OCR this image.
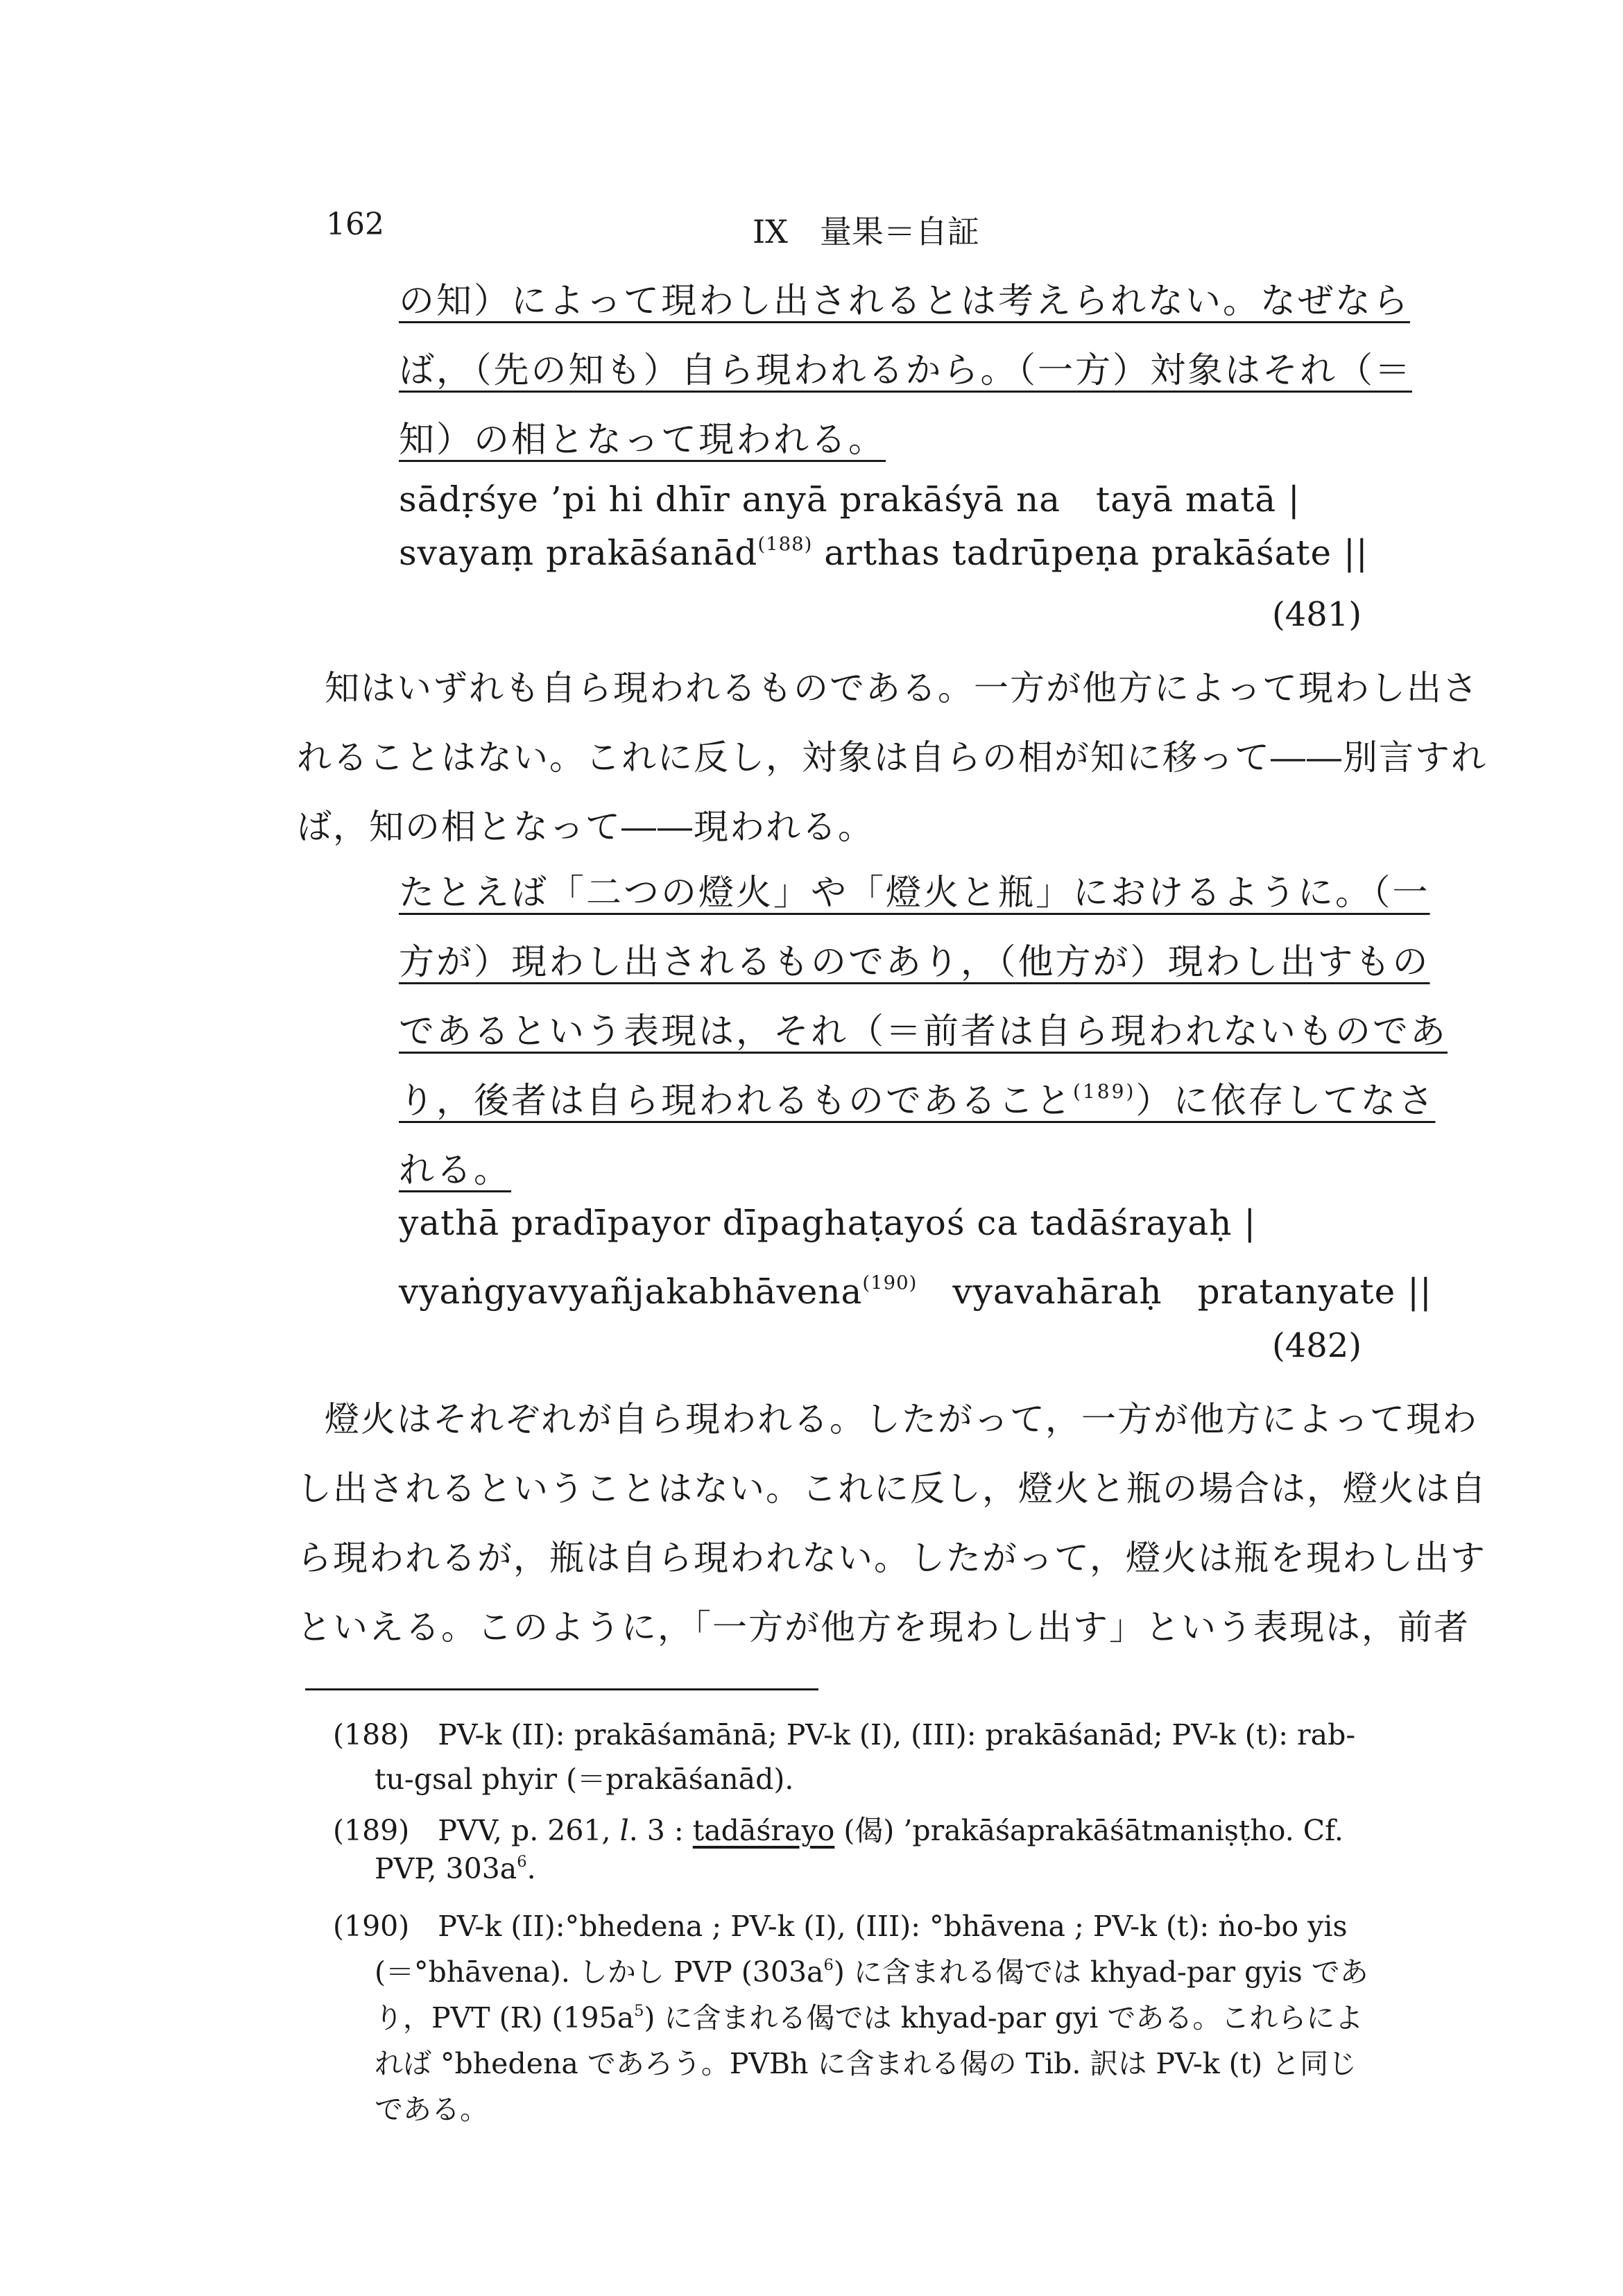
162	IX　量果＝自証
の知）によって現わし出されるとは考えられない。なぜなら
ば，（先の知も）自ら現われるから。（一方）対象はそれ（＝
知）の相となって現われる。
sādṛśye ’pi hi dhīr anyā prakāśyā na　tayā matā |
svayaṃ prakāśanād$^{(188)}$ arthas tadrūpeṇa prakāśate ||
(481)
知はいずれも自ら現われるものである。一方が他方によって現わし出さ
れることはない。これに反し，対象は自らの相が知に移って――別言すれ
ば，知の相となって――現われる。
たとえば「二つの燈火」や「燈火と瓶」におけるように。（一
方が）現わし出されるものであり，（他方が）現わし出すもの
であるという表現は，それ（＝前者は自ら現われないものであ
り，後者は自ら現われるものであること$^{(189)}$）に依存してなさ
れる。
yathā pradīpayor dīpaghaṭayoś ca tadāśrayaḥ |
vyaṅgyavyañjakabhāvena$^{(190)}$　vyavahāraḥ　pratanyate ||
(482)
燈火はそれぞれが自ら現われる。したがって，一方が他方によって現わ
し出されるということはない。これに反し，燈火と瓶の場合は，燈火は自
ら現われるが，瓶は自ら現われない。したがって，燈火は瓶を現わし出す
といえる。このように，「一方が他方を現わし出す」という表現は，前者
(188)　PV-k (II): prakāśamānā; PV-k (I), (III): prakāśanād; PV-k (t): rab-
tu-gsal phyir (＝prakāśanād).
(189)　PVV, p. 261, l. 3 : tadāśrayo (偈) ’prakāśaprakāśātmaniṣṭho. Cf.
PVP, $303a^6$.
(190)　PV-k (II):°bhedena ; PV-k (I), (III): °bhāvena ; PV-k (t): ṅo-bo yis
(＝°bhāvena). しかし PVP $(303a^6)$ に含まれる偈では khyad-par gyis であ
り，PVT (R) $(195a^5)$ に含まれる偈では khyad-par gyi である。これらによ
れば °bhedena であろう。PVBh に含まれる偈の Tib. 訳は PV-k (t) と同じ
である。
